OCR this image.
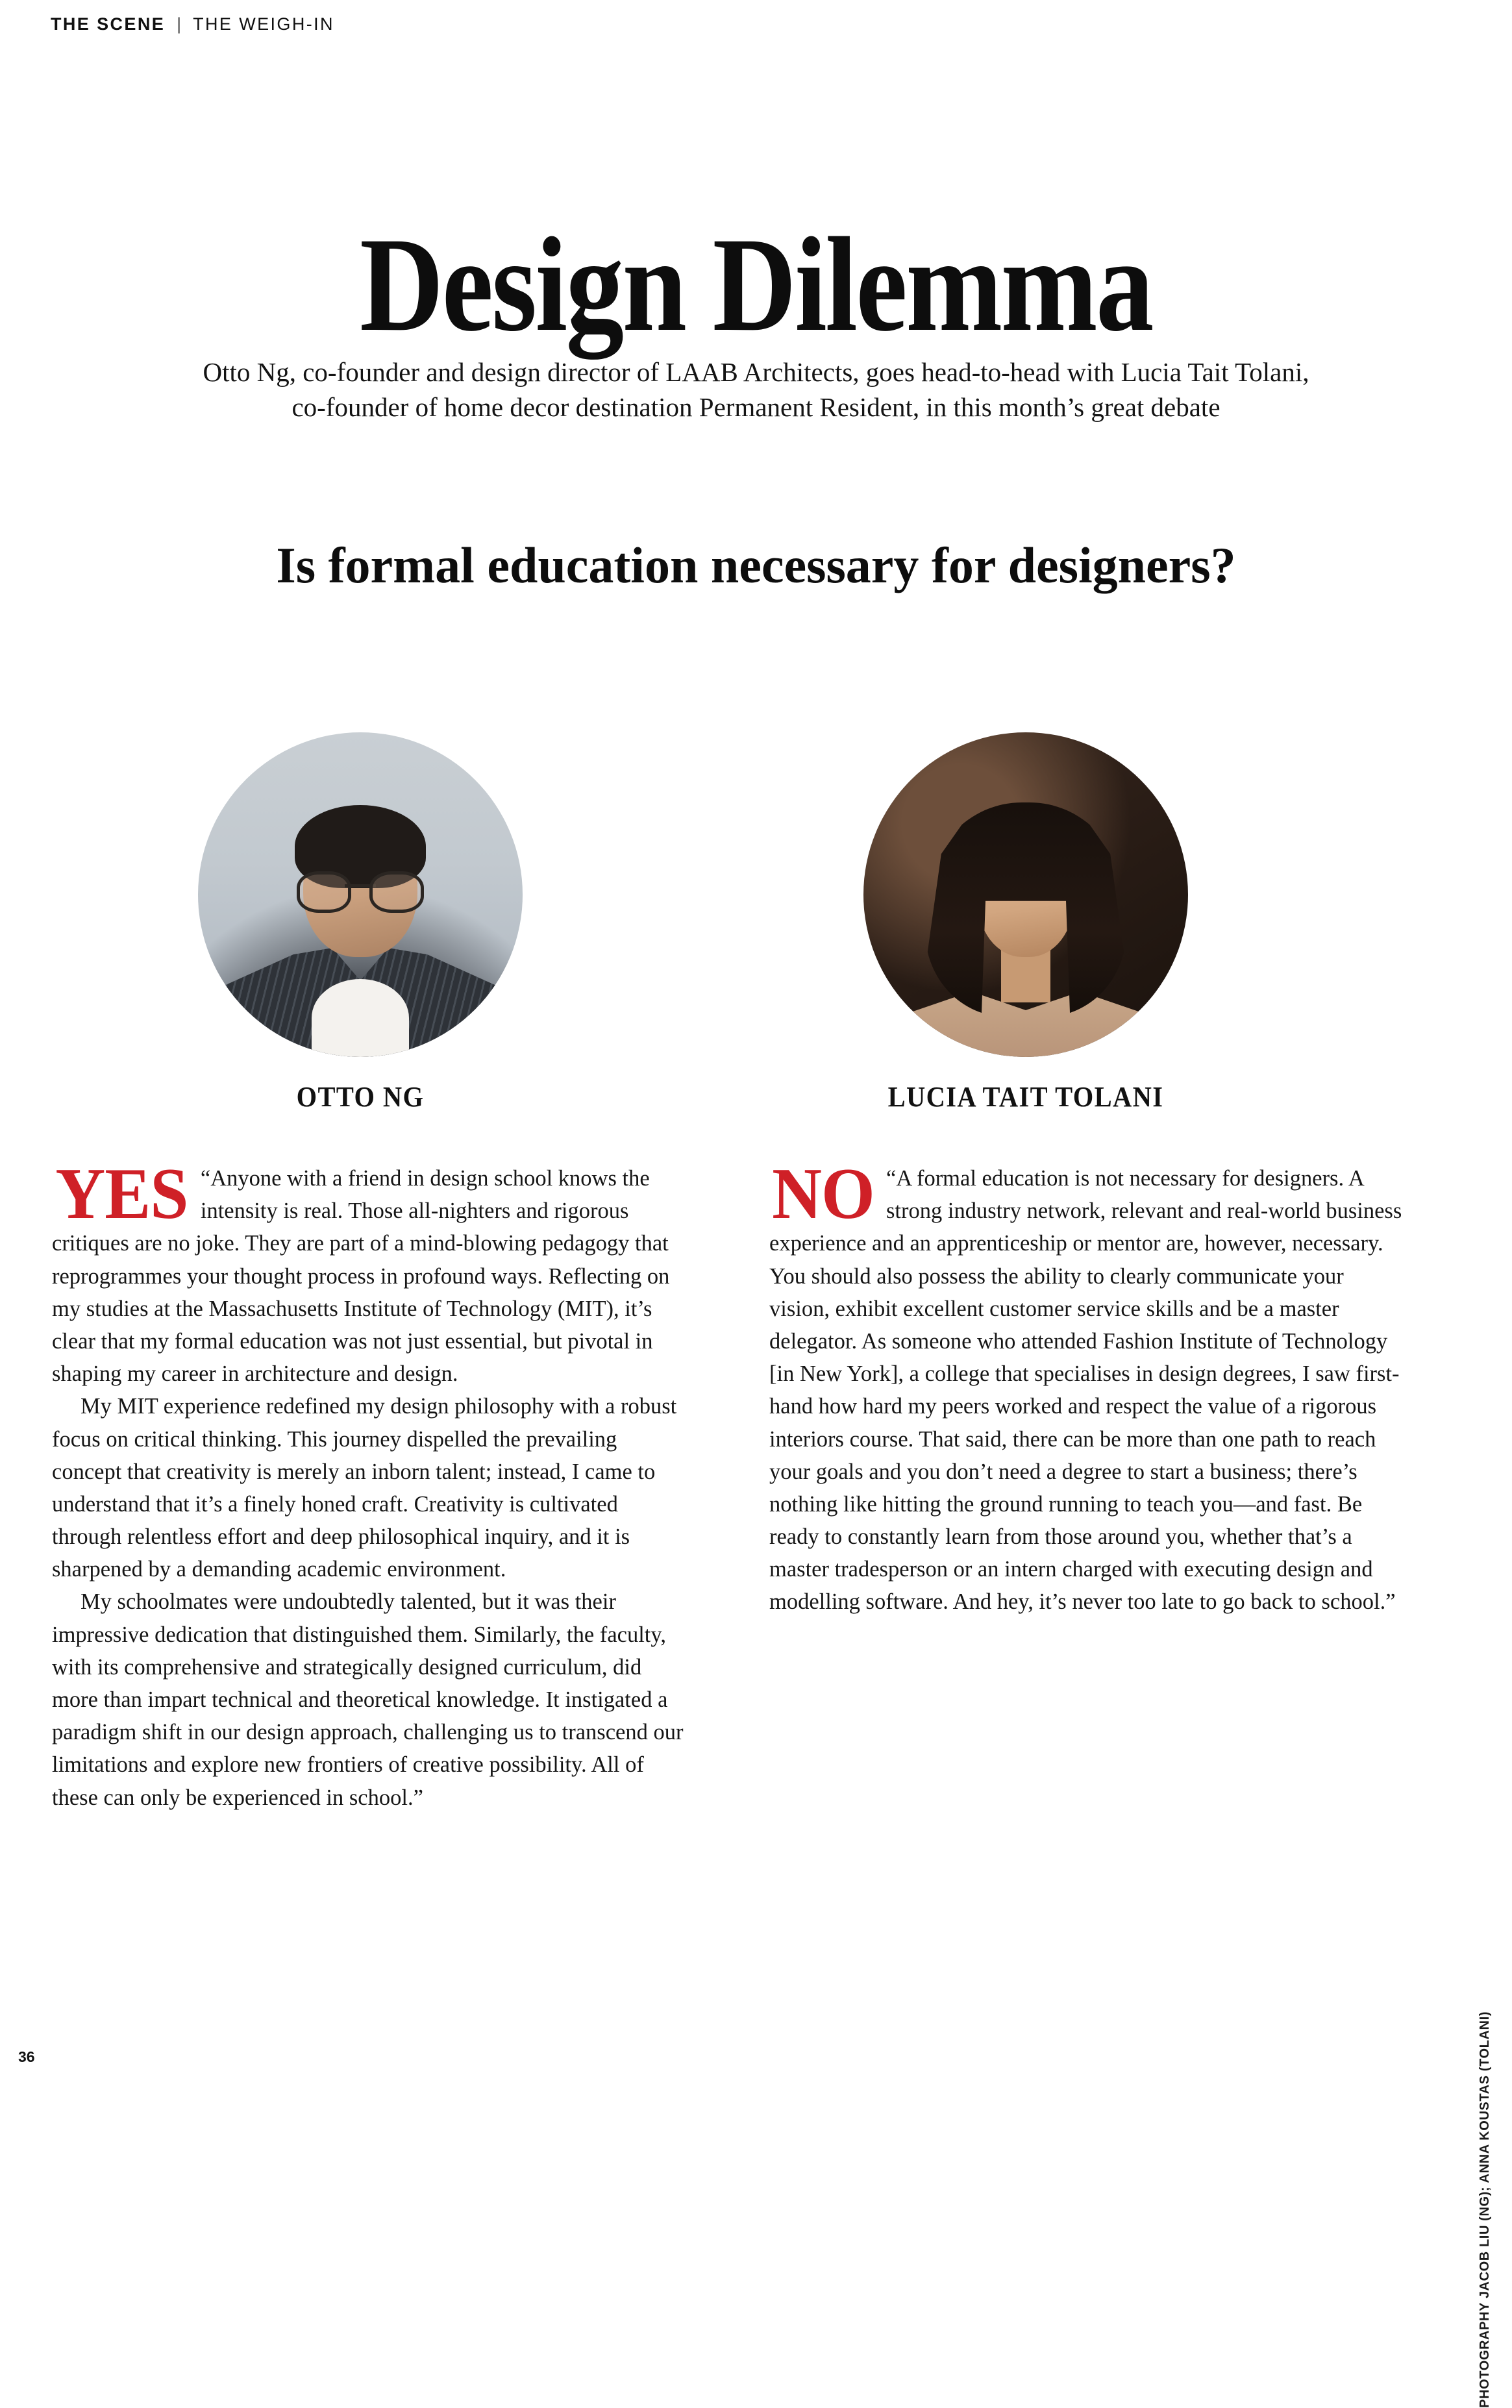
THE SCENE | THE WEIGH-IN
Design Dilemma

Otto Ng, co-founder and design director of LAAB Architects, goes head-to-head with Lucia Tait Tolani, co-founder of home decor destination Permanent Resident, in this month’s great debate

Is formal education necessary for designers?
OTTO NG	LUCIA TAIT TOLANI
YES “Anyone with a friend in design school knows the intensity is real. Those all-nighters and rigorous critiques are no joke. They are part of a mind-blowing pedagogy that reprogrammes your thought process in profound ways. Reflecting on my studies at the Massachusetts Institute of Technology (MIT), it’s clear that my formal education was not just essential, but pivotal in shaping my career in architecture and design.

My MIT experience redefined my design philosophy with a robust focus on critical thinking. This journey dispelled the prevailing concept that creativity is merely an inborn talent; instead, I came to understand that it’s a finely honed craft. Creativity is cultivated through relentless effort and deep philosophical inquiry, and it is sharpened by a demanding academic environment.

My schoolmates were undoubtedly talented, but it was their impressive dedication that distinguished them. Similarly, the faculty, with its comprehensive and strategically designed curriculum, did more than impart technical and theoretical knowledge. It instigated a paradigm shift in our design approach, challenging us to transcend our limitations and explore new frontiers of creative possibility. All of these can only be experienced in school.”

NO “A formal education is not necessary for designers. A strong industry network, relevant and real-world business experience and an apprenticeship or mentor are, however, necessary. You should also possess the ability to clearly communicate your vision, exhibit excellent customer service skills and be a master delegator. As someone who attended Fashion Institute of Technology [in New York], a college that specialises in design degrees, I saw first-hand how hard my peers worked and respect the value of a rigorous interiors course. That said, there can be more than one path to reach your goals and you don’t need a degree to start a business; there’s nothing like hitting the ground running to teach you—and fast. Be ready to constantly learn from those around you, whether that’s a master tradesperson or an intern charged with executing design and modelling software. And hey, it’s never too late to go back to school.”

PHOTOGRAPHY JACOB LIU (NG); ANNA KOUSTAS (TOLANI)
36
